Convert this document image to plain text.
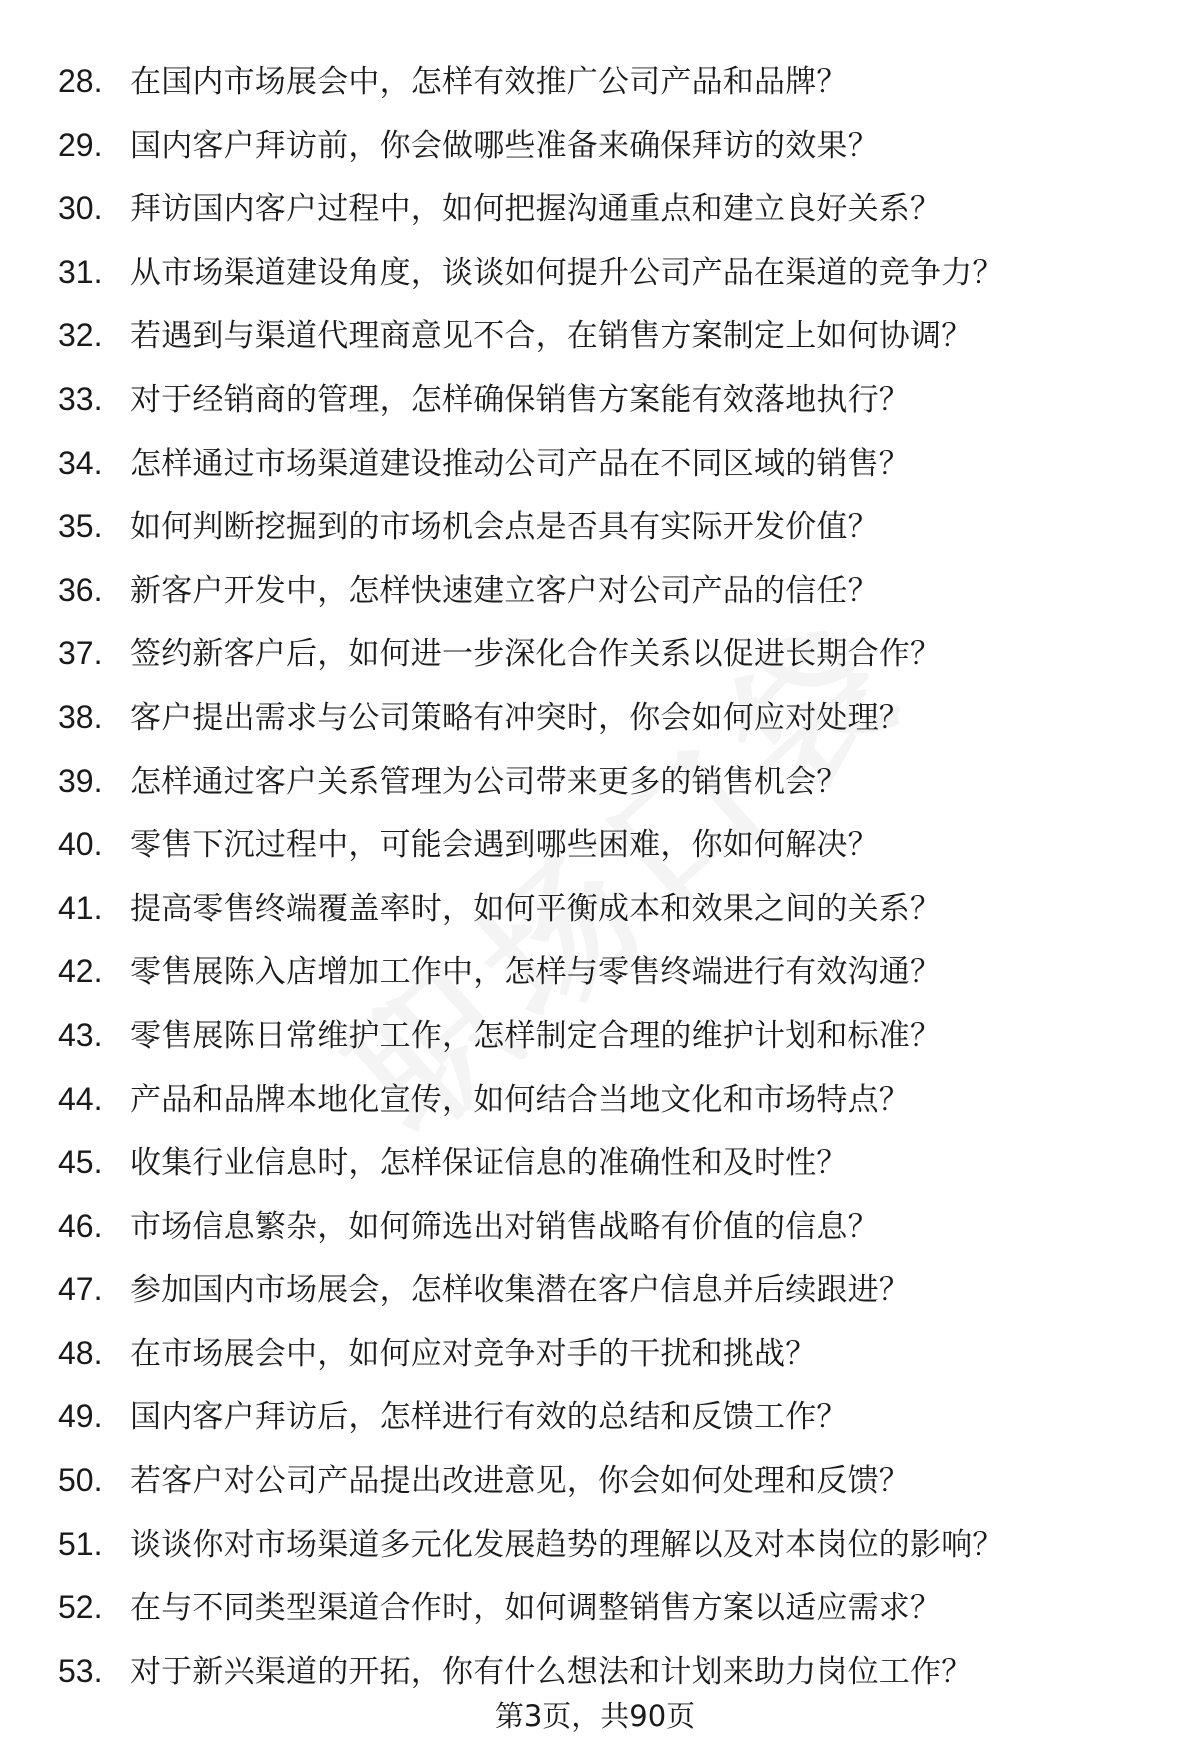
28. 在国内市场展会中，怎样有效推广公司产品和品牌？
29. 国内客户拜访前，你会做哪些准备来确保拜访的效果？
30. 拜访国内客户过程中，如何把握沟通重点和建立良好关系？
31. 从市场渠道建设角度，谈谈如何提升公司产品在渠道的竞争力？
32. 若遇到与渠道代理商意见不合，在销售方案制定上如何协调？
33. 对于经销商的管理，怎样确保销售方案能有效落地执行？
34. 怎样通过市场渠道建设推动公司产品在不同区域的销售？
35. 如何判断挖掘到的市场机会点是否具有实际开发价值？
36. 新客户开发中，怎样快速建立客户对公司产品的信任？
37. 签约新客户后，如何进一步深化合作关系以促进长期合作？
38. 客户提出需求与公司策略有冲突时，你会如何应对处理？
39. 怎样通过客户关系管理为公司带来更多的销售机会？
40. 零售下沉过程中，可能会遇到哪些困难，你如何解决？
41. 提高零售终端覆盖率时，如何平衡成本和效果之间的关系？
42. 零售展陈入店增加工作中，怎样与零售终端进行有效沟通？
43. 零售展陈日常维护工作，怎样制定合理的维护计划和标准？
44. 产品和品牌本地化宣传，如何结合当地文化和市场特点？
45. 收集行业信息时，怎样保证信息的准确性和及时性？
46. 市场信息繁杂，如何筛选出对销售战略有价值的信息？
47. 参加国内市场展会，怎样收集潜在客户信息并后续跟进？
48. 在市场展会中，如何应对竞争对手的干扰和挑战？
49. 国内客户拜访后，怎样进行有效的总结和反馈工作？
50. 若客户对公司产品提出改进意见，你会如何处理和反馈？
51. 谈谈你对市场渠道多元化发展趋势的理解以及对本岗位的影响？
52. 在与不同类型渠道合作时，如何调整销售方案以适应需求？
53. 对于新兴渠道的开拓，你有什么想法和计划来助力岗位工作？
第3页，共90页
